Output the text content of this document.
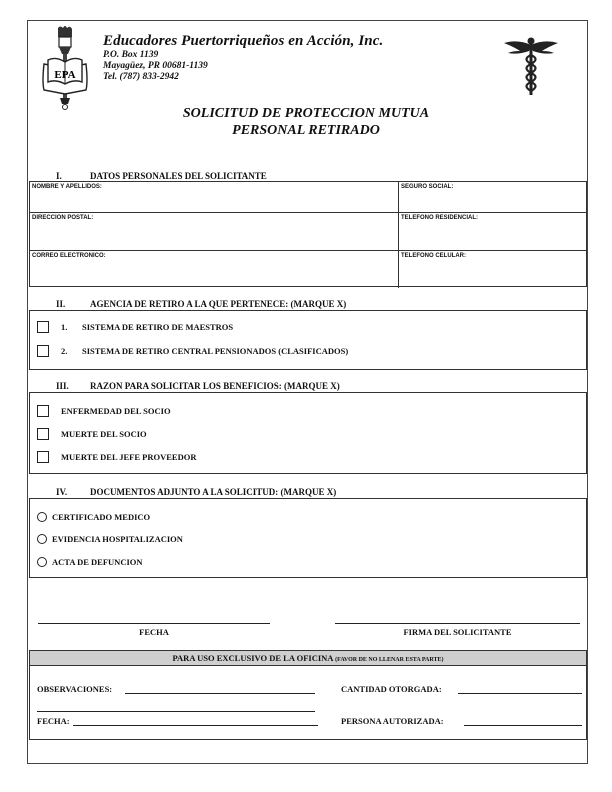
EPA
Educadores Puertorriqueños en Acción, Inc.
P.O. Box 1139
Mayagüez, PR 00681-1139
Tel. (787) 833-2942
SOLICITUD DE PROTECCION MUTUA
PERSONAL RETIRADO
I.	DATOS PERSONALES DEL SOLICITANTE
NOMBRE Y APELLIDOS:	SEGURO SOCIAL:
DIRECCION POSTAL:	TELEFONO RESIDENCIAL:
CORREO ELECTRONICO:	TELEFONO CELULAR:
II.	AGENCIA DE RETIRO A LA QUE PERTENECE: (MARQUE X)
1.	SISTEMA DE RETIRO DE MAESTROS
2.	SISTEMA DE RETIRO CENTRAL PENSIONADOS (CLASIFICADOS)
III. RAZON PARA SOLICITAR LOS BENEFICIOS: (MARQUE X)
ENFERMEDAD DEL SOCIO
MUERTE DEL SOCIO
MUERTE DEL JEFE PROVEEDOR
IV.	DOCUMENTOS ADJUNTO A LA SOLICITUD: (MARQUE X)
CERTIFICADO MEDICO
EVIDENCIA HOSPITALIZACION
ACTA DE DEFUNCION
FECHA	FIRMA DEL SOLICITANTE
PARA USO EXCLUSIVO DE LA OFICINA (FAVOR DE NO LLENAR ESTA PARTE)
OBSERVACIONES:	CANTIDAD OTORGADA:
FECHA:	PERSONA AUTORIZADA:
